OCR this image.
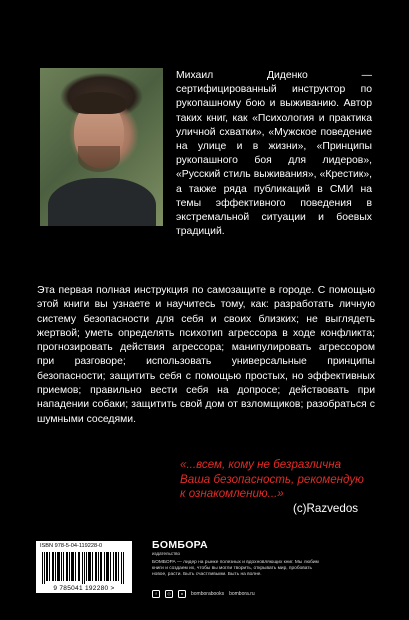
Михаил Диденко — сертифицированный инструктор по рукопашному бою и выживанию. Автор таких книг, как «Психология и практика уличной схватки», «Мужское поведение на улице и в жизни», «Принципы рукопашного боя для лидеров», «Русский стиль выживания», «Крестик», а также ряда публикаций в СМИ на темы эффективного поведения в экстремальной ситуации и боевых традиций.

Эта первая полная инструкция по самозащите в городе. С помощью этой книги вы узнаете и научитесь тому, как: разработать личную систему безопасности для себя и своих близких; не выглядеть жертвой; уметь определять психотип агрессора в ходе конфликта; прогнозировать действия агрессора; манипулировать агрессором при разговоре; использовать универсальные принципы безопасности; защитить себя с помощью простых, но эффективных приемов; правильно вести себя на допросе; действовать при нападении собаки; защитить свой дом от взломщиков; разобраться с шумными соседями.

«...всем, кому не безразлична Ваша безопасность, рекомендую к ознакомлению...»

(c)Razvedos

ISBN 978-5-04-119228-0
9 785041 192280 >
БОМБОРА
издательство
БОМБОРА — лидер на рынке полезных и вдохновляющих книг. Мы любим книги и создаем их, чтобы вы могли творить, открывать мир, пробовать новое, расти. Быть счастливыми. Быть на волне.
f	◎	в	bomborabooks bombora.ru
